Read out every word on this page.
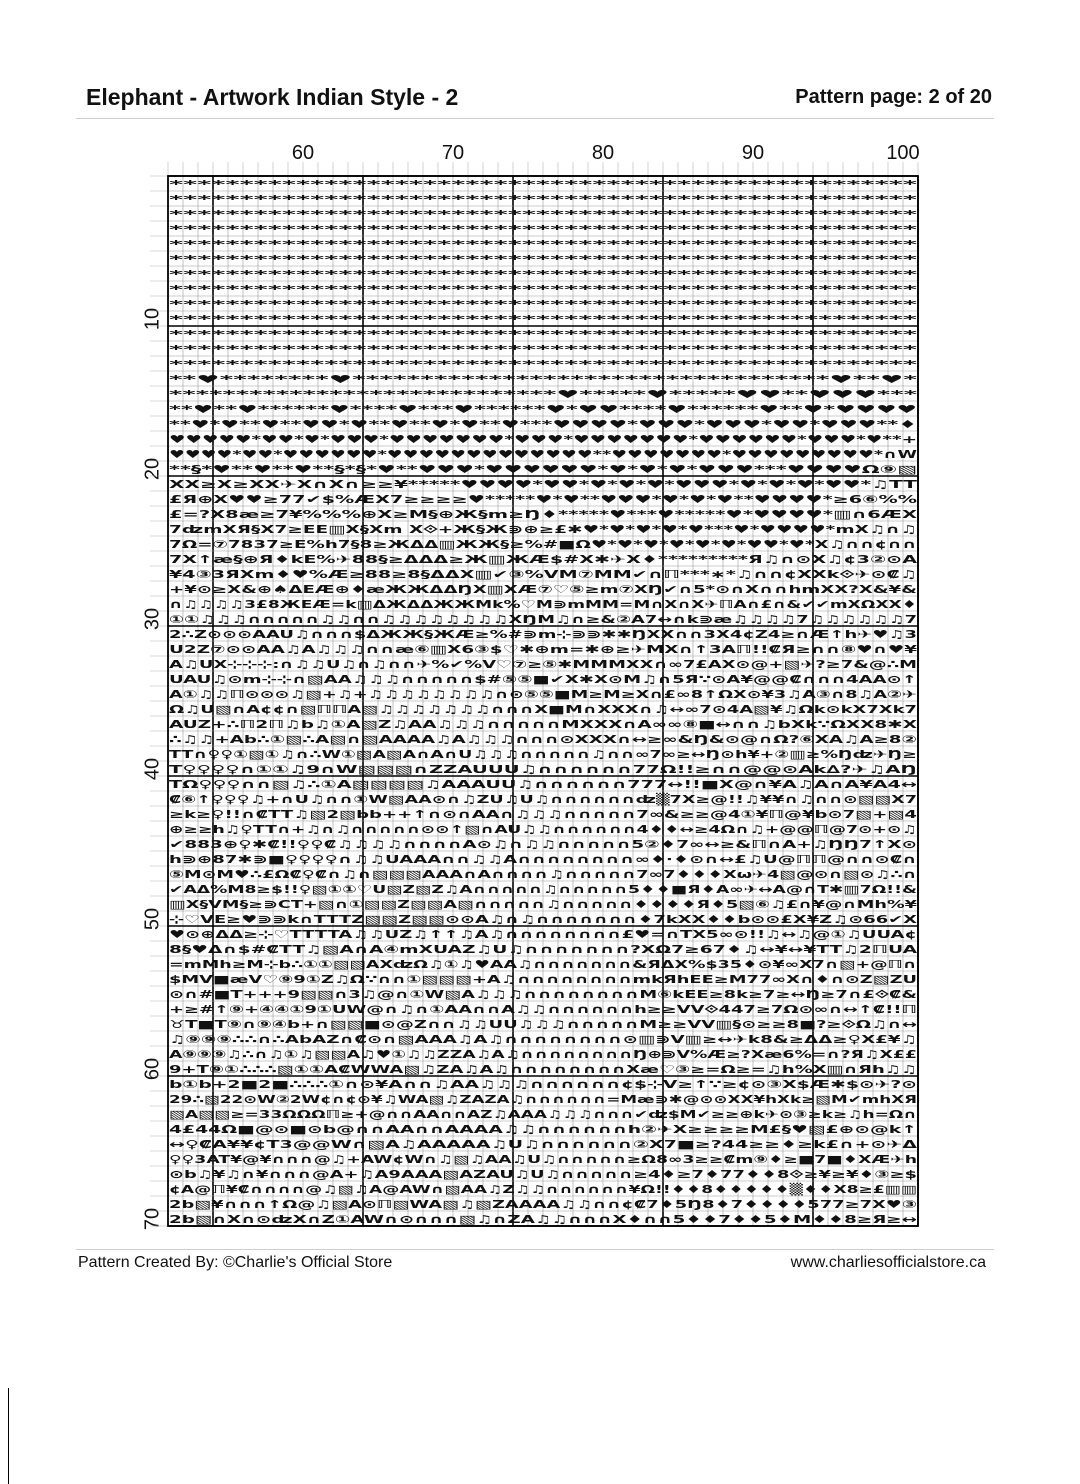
Elephant - Artwork Indian Style - 2	Pattern page: 2 of 20
60	70	80	90	100
10
20
30
40
50
60
70
*****************************************************
*****************************************************
*****************************************************
*****************************************************
*****************************************************
*****************************************************
*****************************************************
*****************************************************
*****************************************************
*****************************************************
*****************************************************
*****************************************************
*****************************************************
**♥********♥***********************************♥**♥*
*****************************♥*****♥*****♥♥**♥♥♥***
**♥**♥******♥****♥***♥******♥*♥♥****♥******♥**♥*♥♥♥♥
**♥*♥**♥**♥♥*♥**♥**♥*♥**♥***♥♥♥♥*♥♥♥*♥♥♥*♥♥*♥♥♥**♦
♥♥♥♥♥*♥♥*♥*♥♥♥*♥♥♥♥♥♥♥*♥♥♥*♥♥♥♥♥♥♥*♥♥♥♥♥♥*♥♥♥*♥**+
♥♥♥♥*♥♥*♥♥♥♥♥♥*♥♥♥♥♥♥♥♥♥♥♥♥♥**♥♥♥♥♥♥♥*♥♥♥♥♥♥♥♥♥*∩W
**§*♥**♥**♥**§*§*♥**♥♥♥*♥♥♥♥♥♥*♥*♥*♥*♥♥♥***♥♥♥♥Ω⑨▧
XX≥X≥XX✈X∩X∩≥≥¥*****♥♥♥♥*♥♥*♥*♥*♥*♥♥♥*♥*♥*♥*♥♥*♫TT
£Я⊕X♥♥≥77✔$%ÆX7≥≥≥≥♥*****♥*♥**♥♥♥*♥*♥*♥**♥♥♥♥*≥6⑥%%
£=?X8æ≥7¥%%%⊕X≥M§⊕Ж§m≥Ŋ♦*****♥***♥*****♥*♥♥♥♥*▥∩6ÆX
7ʣmXЯ§X7≥EE▥X§Xm X⟐+Ж§Ж⋑⊕≥£✱♥*♥*♥*♥*♥***♥*♥♥♥♥*mX♫∩♫
7Ω=⑦7837≥E%h7§8≥ЖΔΔ▥ЖЖ§≥%#■Ω♥*♥*♥*♥*♥*♥*♥♥*♥*X♫∩∩¢∩∩
7X↑æ§⊕Я♦kE%✈88§≥ΔΔΔ≥Ж▥ЖÆ$#X✱✈X♦*********Я♫∩⊙X♫¢3②⊙A
¥4③3ЯXm♦♥%Æ≥88≥8§ΔΔX▥✔③%VM⑦MM✔∩ℿ***∗*♫∩∩¢XXk⟐✈⊙₡♫
+¥⊙≥X&⊕♠ΔEÆ⊕♦æЖЖΔΔŊX▥XÆ⑦♡⑤≥m⑦XŊ✔∩5*⊙∩X∩∩hmXX?X&¥&
∩♫♫♫♫3£8ЖEÆ=k▥ΔЖΔΔЖЖMk%♡M⋑mMM=M∩X∩X✈ℿA∩£∩&✔✔mXΩXX♦
①①♫♫♫∩∩∩∩∩♫♫∩∩♫♫♫♫♫♫♫♫XŊM♫∩≥&②A7↔∩k⋑æ♫♫♫♫7♫♫♫♫♫♫7
2∴Z⊙⊙⊙AAU♫∩∩∩$ΔЖЖ§ЖÆ≥%#⋑m⊹⋑⋑✱✱ŊXX∩∩3X4¢Z4≥∩Æ↑h✈♥♫3
U2Z⑦⊙⊙AA♫A♫♫♫∩∩æ⑥▥X6③$♡✱⊕m=✱⊕≥✈MX∩↑3Aℿ!!₡Я≥∩∩⑧♥∩♥¥
A♫UX⊹⊹⊹:∩♫♫U♫∩♫∩∩✈%✔%V♡⑦≥⑤✱MMMXX∩∞7£AX⊙@+▧✈?≥7&@∴M
UAU♫⊙m⊹⊹∩▧AA♫♫♫∩∩∩∩∩$#⑤⑤■✔X✱X⊙M♫∩5Я∵⊙A¥@@₡∩∩∩4AA⊙↑
A①♫♫ℿ⊙⊙⊙♫▧+♫+♫♫♫♫♫♫♫♫∩⊙⑤⑤■M≥M≥X∩£∞8↑ΩX⊙¥3♫A③∩8♫A②✈
Ω♫U▧∩A¢¢∩▧ℿℿA▧♫♫♫♫♫♫♫∩∩∩X■M∩XXX∩♫↔∞7⊙4A▧¥♫Ωk⊙kX7Xk7
AUZ+∴ℿ2ℿ♫b♫①A▧Z♫AA♫♫♫∩∩∩∩∩MXXX∩A∞∞⑧■↔∩∩♫bXk∵ΩXX8✱X
∴♫♫+Ab∴①▧∴A▧∩▧AAAA♫A♫♫♫∩∩∩⊙XXX∩↔≥∞&Ŋ&⊙@∩Ω?⑥XA♫A≥8②
TT∩♀♀①▧①♫∩∴W①▧A▧A∩A∩U♫♫♫∩∩∩∩∩♫∩∩∞7∞≥↔Ŋ⊙h¥+②▥≥%Ŋʣ✈Ŋ≥
T♀♀♀♀∩①①♫9∩W▧▧▧∩ZZAUUU♫∩∩∩∩∩∩77Ω!!≥∩∩@@⊙Ak∆?✈♫AŊ
TΩ♀♀♀∩∩▧♫∴①A▧▧▧▧♫AAAUU♫∩∩∩∩∩∩777↔!!■X@∩¥A♫A∩A¥A4↔
₡⑥↑♀♀♀♫+∩U♫∩∩①W▧AA⊙∩♫ZU♫U♫∩∩∩∩∩∩ʣ▒7X≥@!!♫¥¥∩♫∩∩⊙▧▧X7
≥k≥♀!!∩₡TT♫▧2▧bb++↑∩⊙∩AA∩♫♫♫∩∩∩∩∩7∞&≥≥@4①¥ℿ@¥b⊙7▧+▧4
⊕≥≥h♫♀TT∩+♫∩♫∩∩∩∩∩⊙⊙↑▧∩AU♫♫∩∩∩∩∩∩4♦♦↔≥4Ω∩♫+@@ℿ@7⊙+⊙♫
✔883⊕♀✱₡!!♀♀₡♫♫♫♫∩∩∩∩A⊙♫∩♫♫∩∩∩∩∩5②♦7∞↔≥&ℿ∩A+♫ŊŊ7↑X⊙
h⋑⊕87✱⋑■♀♀♀♀∩♫♫UAAA∩∩♫♫A∩∩∩∩∩∩∩∩∞♦∙♦⊙∩↔£♫U@ℿℿ@∩∩⊙₡∩
⑤M⊙M♥∴£Ω₡♀₡∩♫∩▧▧▧AAA∩A∩∩∩∩♫∩∩∩∩∩7∞7♦♦♦Xω✈4▧@⊙∩▧⊙♫∴∩
✔AΔ%M8≥$!!♀▧①①♡U▧Z▧Z♫A∩∩∩∩∩♫∩∩∩∩∩5♦♦■Я♦A∞✈↔A@∩T✱▥7Ω!!&
▥X§VM§≥⋑CT+▧∩①▧▧Z▧▧A▧∩∩∩∩∩♫∩∩∩∩∩♦♦♦♦Я♦5▧⑥♫£∩¥@∩Mh%¥
⊹♡VE≥♥⋑⋑k∩TTTZ▧▧Z▧▧⊙⊙A♫∩♫∩∩∩∩∩∩∩♦7kXX♦♦b⊙⊙£X¥Z♫⊙66✔X
♥⊙⊕ΔΔ≥⊹♡TTTTA♫♫UZ♫↑↑♫A♫∩∩∩∩∩∩∩∩£♥=∩TX5∞⊙!!♫↔♫@①♫UUA¢
8§♥Δ∩$#₡TT♫▧A∩A④mXUAZ♫U♫∩∩∩∩∩∩∩?XΩ7≥67♦♫↔¥↔¥TT♫2ℿUA
=mMh≥M⊹b∴①①▧▧AXʣΩ♫①♫♥AA♫∩∩∩∩∩∩∩&ЯΔX%$35♦⊙¥∞X7∩▧+@ℿ∩
$MV■æV♡⑨9①Z♫Ω∵∩∩①▧▧▧+A♫∩∩∩∩∩∩∩∩mkЯhEE≥M77∞X∩♦∩⊙Z▧ZU
⊙∩#■T+++9▧▧∩3♫@∩①W▧A♫♫♫∩∩∩∩∩∩∩∩M⑥kEE≥8k≥7≥↔Ŋ≥7∩£⟐₡&
+≥#↑⑨+④④①9①UW@∩♫∩①AA∩∩A♫♫∩∩∩∩∩∩h≥≥VV⟐447≥7Ω⊙∞∩↔↑₡!!ℿ
♉T■T⑨∩⑨④b+∩▧▧■⊙@Z∩∩♫♫UU♫♫♫∩∩∩∩∩M≥≥VV▥§⊙≥≥8■?≥⟐Ω♫∩↔
♫⑨⑨⑨∴∴∩∴AbAZ∩₡⊙∩▧AAA♫A♫∩∩∩∩∩∩∩∩⊙▥⋑V▥≥↔✈k8&≥ΔΔ≥♀X£¥♫
A⑨⑨⑨♫∴∩♫①♫▧▧A♫♥①♫♫ZZA♫A♫∩∩∩∩∩∩∩∩Ŋ⊕⋑V%Æ≥?Xæ6%=∩?Я♫X££
9+T⑨①∴∴∴▧①①A₡WWA▧♫ZA♫A♫∩∩∩∩∩∩∩∩Xæ♡③≥=Ω≥=♫h%X▥∩Яh♫♫
b①b+2■2■∴∴∴①∩⊙¥A∩∩♫AA♫♫♫∩∩∩∩∩∩¢$⊹V≥↑∵≥¢⊙③X$Æ✱$⊙✈?⊙
29∴▧22⊙W②2W¢∩¢⊙¥♫WA▧♫ZAZA♫∩∩∩∩∩∩=Mæ⋑✱@⊙⊙XX¥hXk≥▧M✔mhXЯ
▧A▧▧≥=33ΩΩΩℿ≥+@∩∩AA∩∩AZ♫AAA♫♫♫∩∩∩✔ʣ$M✔≥≥⊕k✈⊙③≥k≥♫h=Ω∩
4£44Ω■@⊙■⊙b@∩∩AA∩∩AAAA♫♫∩∩∩∩∩∩h②✈X≥≥≥≥M£§♥▧£⊕⊙@k↑
↔♀₡A¥¥¢T3@@W∩▧A♫AAAAA♫U♫∩∩∩∩∩∩②X7■≥?44≥≥♦≥k£∩+⊙✈Δ
♀♀3AT¥@¥∩∩∩@♫+AW¢W∩♫▧♫AA♫U♫∩∩∩∩∩≥Ω8∞3≥≥₡m⑨♦≥■7■♦XÆ✈h
⊙b♫¥♫∩¥∩∩∩@A+♫A9AAA▧AZAU♫U♫∩∩∩∩∩≥4♦≥7♦77♦♦8⟐≥¥≥¥♦③≥$
¢A@ℿ¥₡∩∩∩∩@♫▧♫A@AW∩▧AA♫Z♫♫∩∩∩∩∩∩¥Ω!!♦♦8♦♦♦♦♦▒♦♦X8≥£▥▥
2b▧¥∩∩∩↑Ω@♫▧A⊙ℿ▧WA▧♫▧ZAAAA♫♫∩∩¢₡7♦5Ŋ8♦7♦♦♦♦577≥7X♥③
2b▧∩X∩⊙ʣX∩Z①AW∩⊙∩∩∩▧♫∩ZA♫♫∩∩∩X♦∩∩5♦♦7♦♦5♦M♦♦8≥Я≥↔
Pattern Created By: ©Charlie's Official Store	www.charliesofficialstore.ca
